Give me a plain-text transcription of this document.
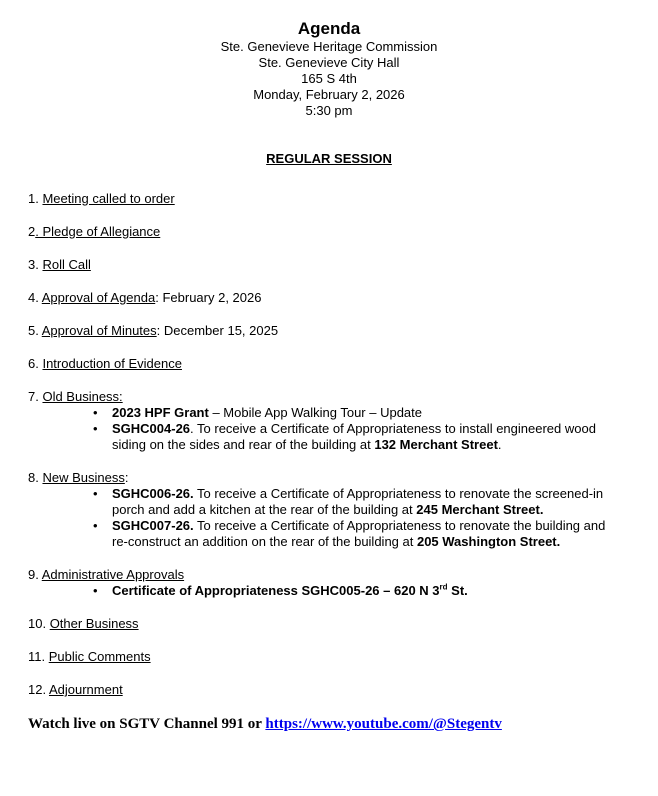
Agenda
Ste. Genevieve Heritage Commission
Ste. Genevieve City Hall
165 S 4th
Monday, February 2, 2026
5:30 pm
REGULAR SESSION
1. Meeting called to order
2. Pledge of Allegiance
3. Roll Call
4. Approval of Agenda: February 2, 2026
5. Approval of Minutes: December 15, 2025
6. Introduction of Evidence
7. Old Business:
•	2023 HPF Grant – Mobile App Walking Tour – Update
•	SGHC004-26. To receive a Certificate of Appropriateness to install engineered wood siding on the sides and rear of the building at 132 Merchant Street.
8. New Business:
•	SGHC006-26. To receive a Certificate of Appropriateness to renovate the screened-in porch and add a kitchen at the rear of the building at 245 Merchant Street.
•	SGHC007-26. To receive a Certificate of Appropriateness to renovate the building and re-construct an addition on the rear of the building at 205 Washington Street.
9. Administrative Approvals
•	Certificate of Appropriateness SGHC005-26 – 620 N 3rd St.
10. Other Business
11. Public Comments
12. Adjournment
Watch live on SGTV Channel 991 or https://www.youtube.com/@Stegentv
